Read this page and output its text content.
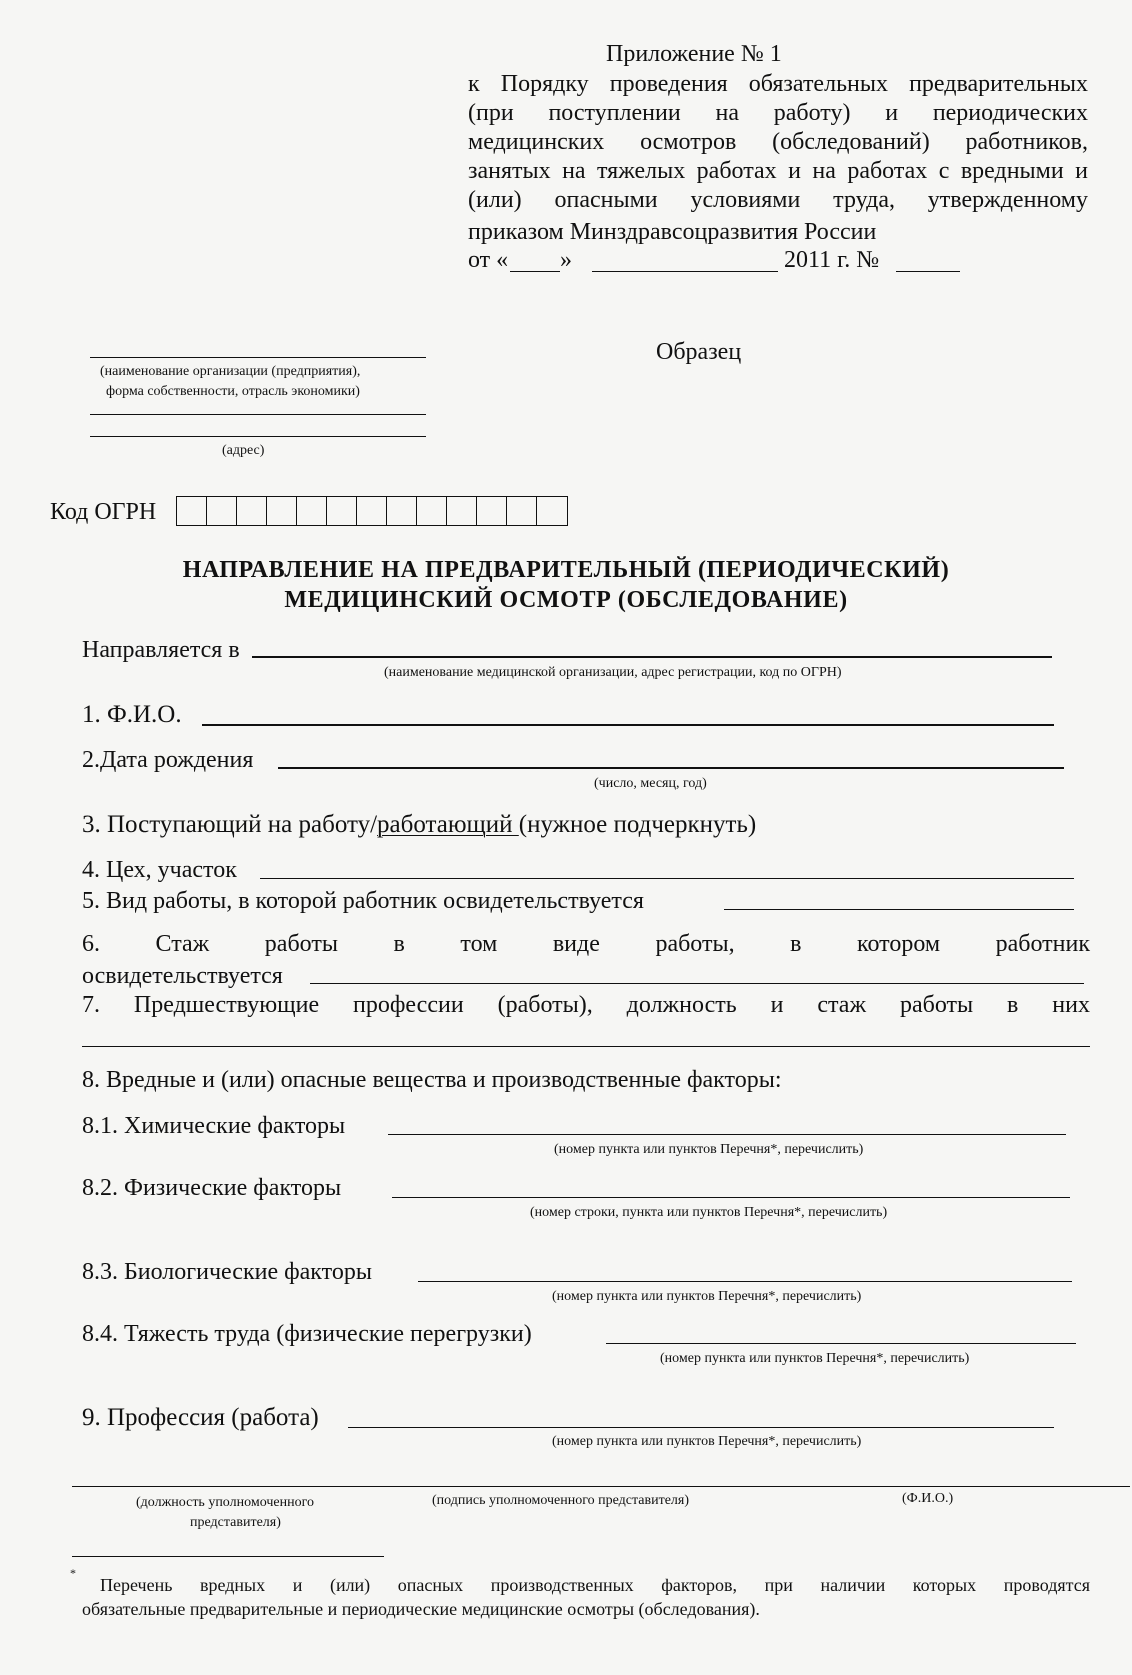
Приложение № 1
к Порядку проведения обязательных предварительных
(при поступлении на работу) и периодических
медицинских осмотров (обследований) работников,
занятых на тяжелых работах и на работах с вредными и
(или) опасными условиями труда, утвержденному
приказом Минздравсоцразвития России
от « »	2011 г. №
Образец
(наименование организации (предприятия),
форма собственности, отрасль экономики)
(адрес)
Код ОГРН
НАПРАВЛЕНИЕ НА ПРЕДВАРИТЕЛЬНЫЙ (ПЕРИОДИЧЕСКИЙ)
МЕДИЦИНСКИЙ ОСМОТР (ОБСЛЕДОВАНИЕ)
Направляется в
(наименование медицинской организации, адрес регистрации, код по ОГРН)
1. Ф.И.О.
2.Дата рождения
(число, месяц, год)
3. Поступающий на работу/работающий (нужное подчеркнуть)
4. Цех, участок
5. Вид работы, в которой работник освидетельствуется
6. Стаж работы в том виде работы, в котором работник
освидетельствуется
7. Предшествующие профессии (работы), должность и стаж работы в них
8. Вредные и (или) опасные вещества и производственные факторы:
8.1. Химические факторы
(номер пункта или пунктов Перечня*, перечислить)
8.2. Физические факторы
(номер строки, пункта или пунктов Перечня*, перечислить)
8.3. Биологические факторы
(номер пункта или пунктов Перечня*, перечислить)
8.4. Тяжесть труда (физические перегрузки)
(номер пункта или пунктов Перечня*, перечислить)
9. Профессия (работа)
(номер пункта или пунктов Перечня*, перечислить)
(должность уполномоченного
представителя)
(подпись уполномоченного представителя)	(Ф.И.О.)
*
Перечень вредных и (или) опасных производственных факторов, при наличии которых проводятся
обязательные предварительные и периодические медицинские осмотры (обследования).
